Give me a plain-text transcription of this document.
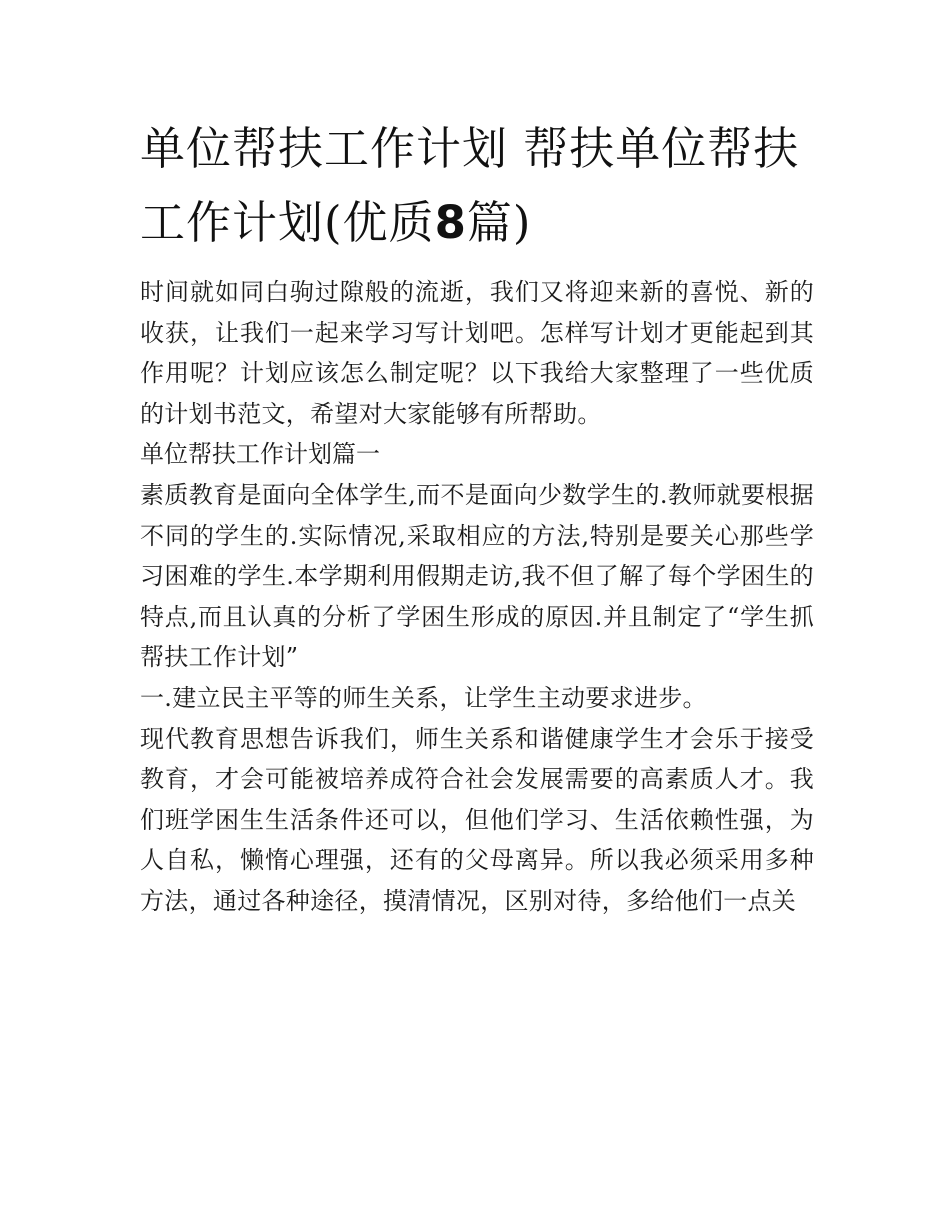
单位帮扶工作计划 帮扶单位帮扶工作计划(优质8篇)

时间就如同白驹过隙般的流逝，我们又将迎来新的喜悦、新的收获，让我们一起来学习写计划吧。怎样写计划才更能起到其作用呢？计划应该怎么制定呢？以下我给大家整理了一些优质的计划书范文，希望对大家能够有所帮助。

单位帮扶工作计划篇一

素质教育是面向全体学生,而不是面向少数学生的.教师就要根据不同的学生的.实际情况,采取相应的方法,特别是要关心那些学习困难的学生.本学期利用假期走访,我不但了解了每个学困生的特点,而且认真的分析了学困生形成的原因.并且制定了“学生抓帮扶工作计划”

一.建立民主平等的师生关系，让学生主动要求进步。

现代教育思想告诉我们，师生关系和谐健康学生才会乐于接受教育，才会可能被培养成符合社会发展需要的高素质人才。我们班学困生生活条件还可以，但他们学习、生活依赖性强，为人自私，懒惰心理强，还有的父母离异。所以我必须采用多种方法，通过各种途径，摸清情况，区别对待，多给他们一点关
